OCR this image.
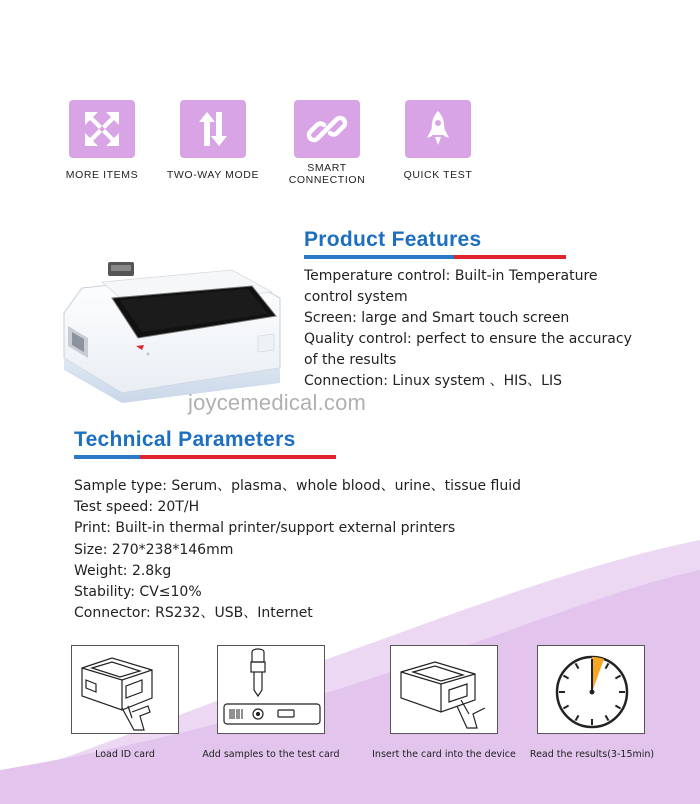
MORE ITEMS	TWO-WAY MODE
SMART CONNECTION	QUICK TEST
joycemedical.com
Product Features
Temperature control: Built-in Temperature
control system
Screen: large and Smart touch screen
Quality control: perfect to ensure the accuracy
of the results
Connection: Linux system 、HIS、LIS
Technical Parameters
Sample type: Serum、plasma、whole blood、urine、tissue fluid
Test speed: 20T/H
Print: Built-in thermal printer/support external printers
Size: 270*238*146mm
Weight: 2.8kg
Stability: CV≤10%
Connector: RS232、USB、Internet
Load ID card	Add samples to the test card	Insert the card into the device	Read the results(3-15min)
